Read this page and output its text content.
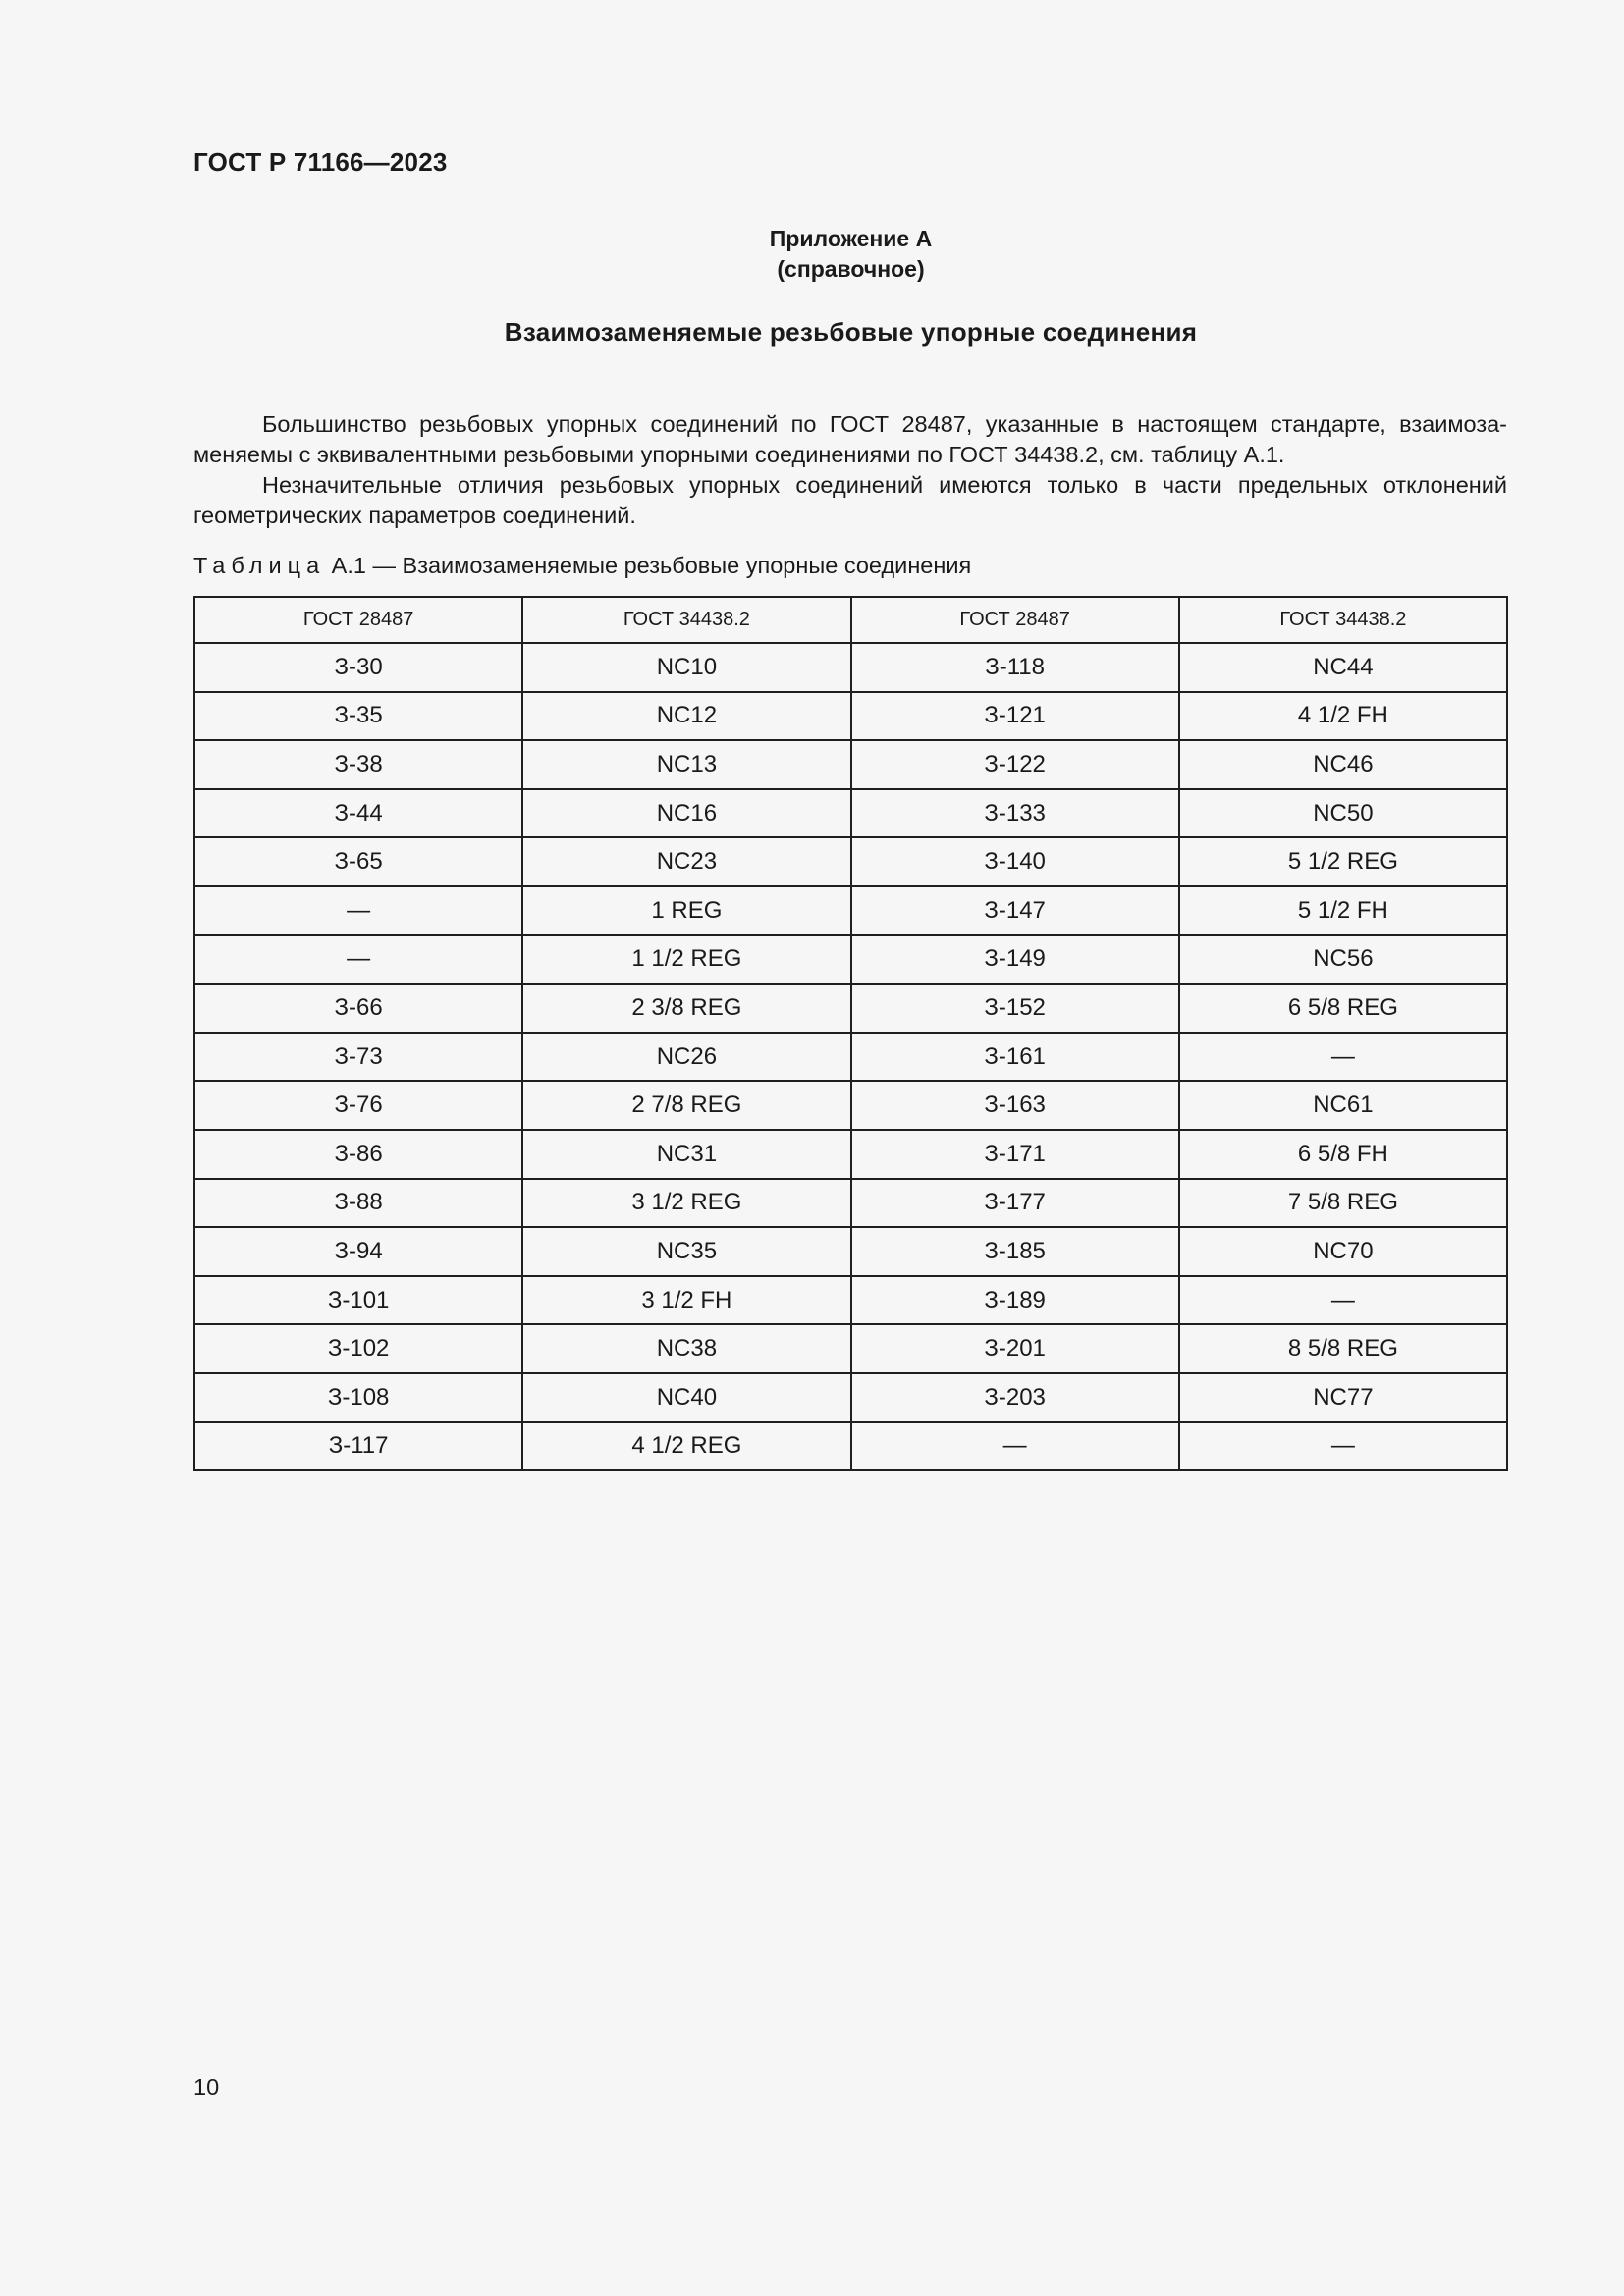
ГОСТ Р 71166—2023
Приложение А
(справочное)
Взаимозаменяемые резьбовые упорные соединения

Большинство резьбовых упорных соединений по ГОСТ 28487, указанные в настоящем стандарте, взаимозаменяемы с эквивалентными резьбовыми упорными соединениями по ГОСТ 34438.2, см. таблицу А.1.

Незначительные отличия резьбовых упорных соединений имеются только в части предельных отклонений геометрических параметров соединений.

Таблица А.1 — Взаимозаменяемые резьбовые упорные соединения
ГОСТ 28487	ГОСТ 34438.2	ГОСТ 28487	ГОСТ 34438.2
З-30	NC10	З-118	NC44
З-35	NC12	З-121	4 1/2 FH
З-38	NC13	З-122	NC46
З-44	NC16	З-133	NC50
З-65	NC23	З-140	5 1/2 REG
—	1 REG	З-147	5 1/2 FH
—	1 1/2 REG	З-149	NC56
З-66	2 3/8 REG	З-152	6 5/8 REG
З-73	NC26	З-161	—
З-76	2 7/8 REG	З-163	NC61
З-86	NC31	З-171	6 5/8 FH
З-88	3 1/2 REG	З-177	7 5/8 REG
З-94	NC35	З-185	NC70
З-101	3 1/2 FH	З-189	—
З-102	NC38	З-201	8 5/8 REG
З-108	NC40	З-203	NC77
З-117	4 1/2 REG	—	—
10
